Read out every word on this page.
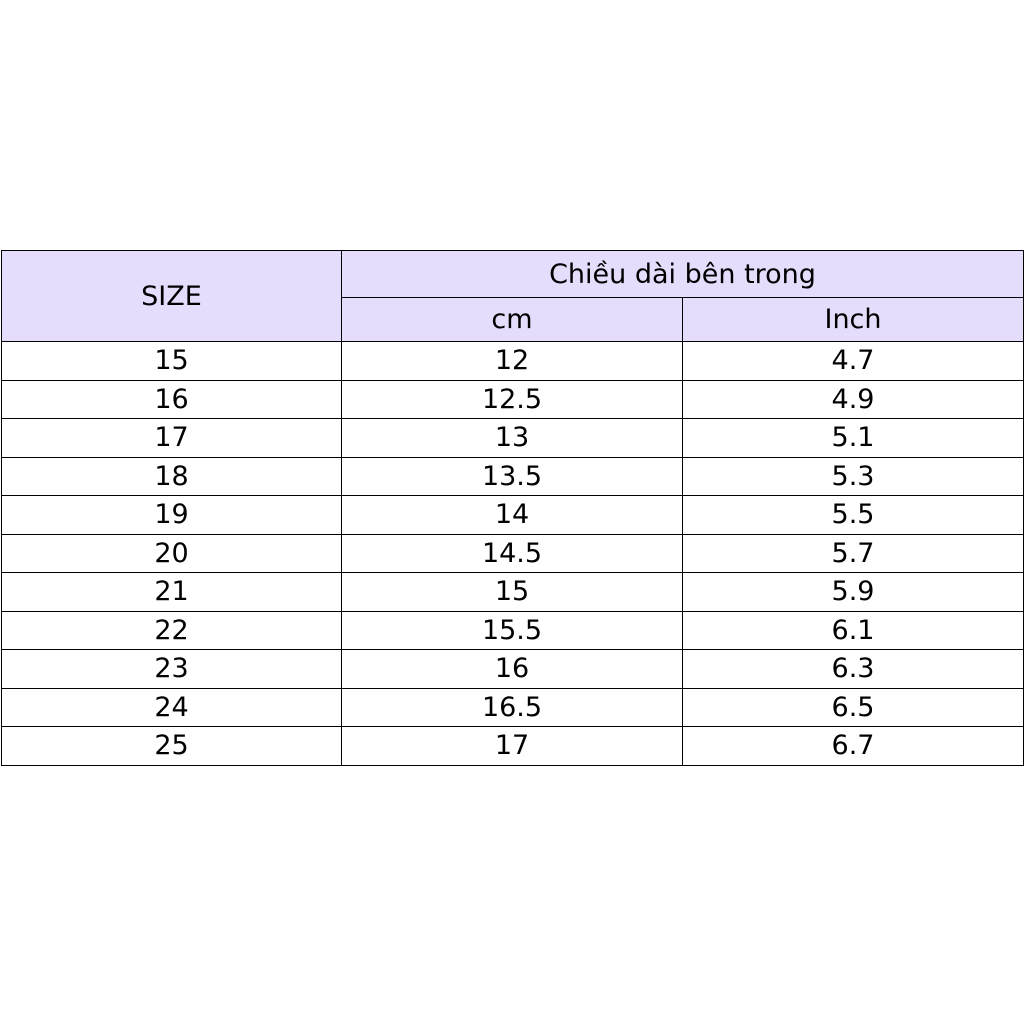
SIZE	Chiều dài bên trong	
	cm	Inch
15	12	4.7
16	12.5	4.9
17	13	5.1
18	13.5	5.3
19	14	5.5
20	14.5	5.7
21	15	5.9
22	15.5	6.1
23	16	6.3
24	16.5	6.5
25	17	6.7
